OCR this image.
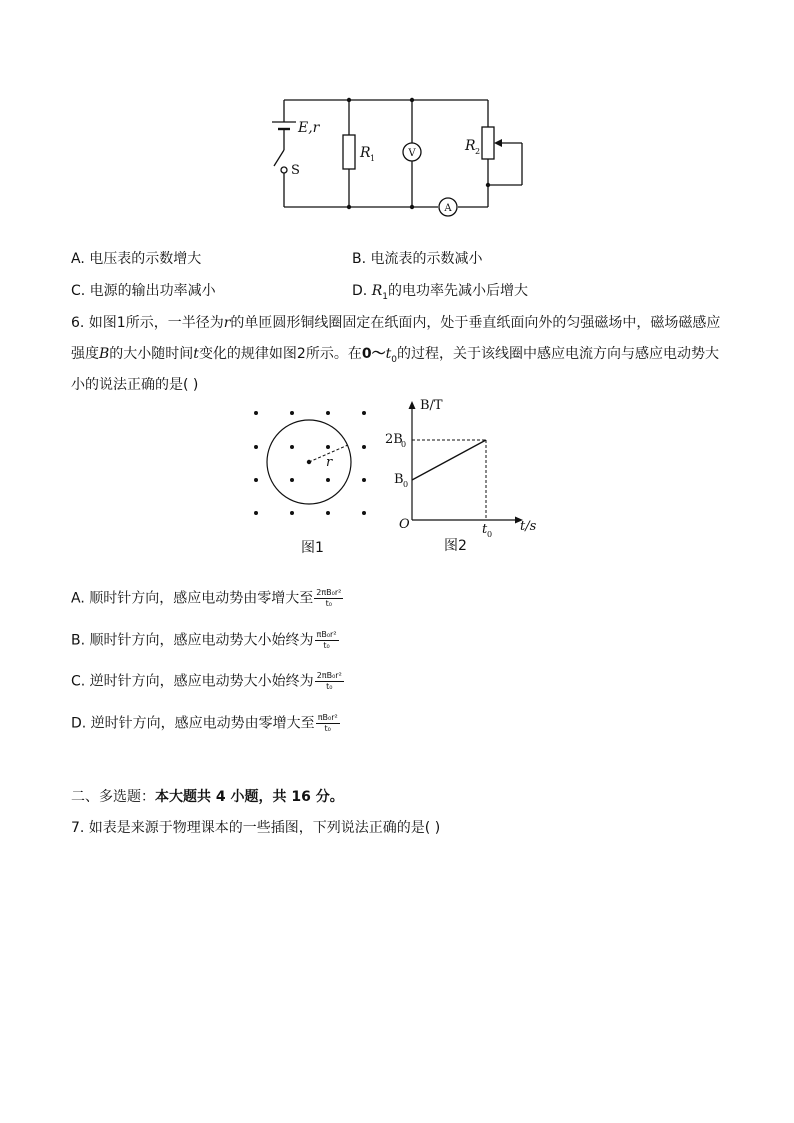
E,r
S
R 1	V	R 2
A
A. 电压表的示数增大	B. 电流表的示数减小
C. 电源的输出功率减小	D. $R_1$的电功率先减小后增大
6. 如图1所示，一半径为r的单匝圆形铜线圈固定在纸面内，处于垂直纸面向外的匀强磁场中，磁场磁感应
强度B的大小随时间t变化的规律如图2所示。在$0\sim t_0$的过程，关于该线圈中感应电流方向与感应电动势大
小的说法正确的是( )
r
B/T
t/s
O
2B
0
B 0
t 0
图1	图2
A. 顺时针方向，感应电动势由零增大至 $\frac{\text{2πB₀r²}}{\text{t₀}}$
B. 顺时针方向，感应电动势大小始终为 $\frac{\text{πB₀r²}}{\text{t₀}}$
C. 逆时针方向，感应电动势大小始终为 $\frac{\text{2πB₀r²}}{\text{t₀}}$
D. 逆时针方向，感应电动势由零增大至 $\frac{\text{πB₀r²}}{\text{t₀}}$
二、多选题：本大题共 4 小题，共 16 分。
7. 如表是来源于物理课本的一些插图，下列说法正确的是( )
